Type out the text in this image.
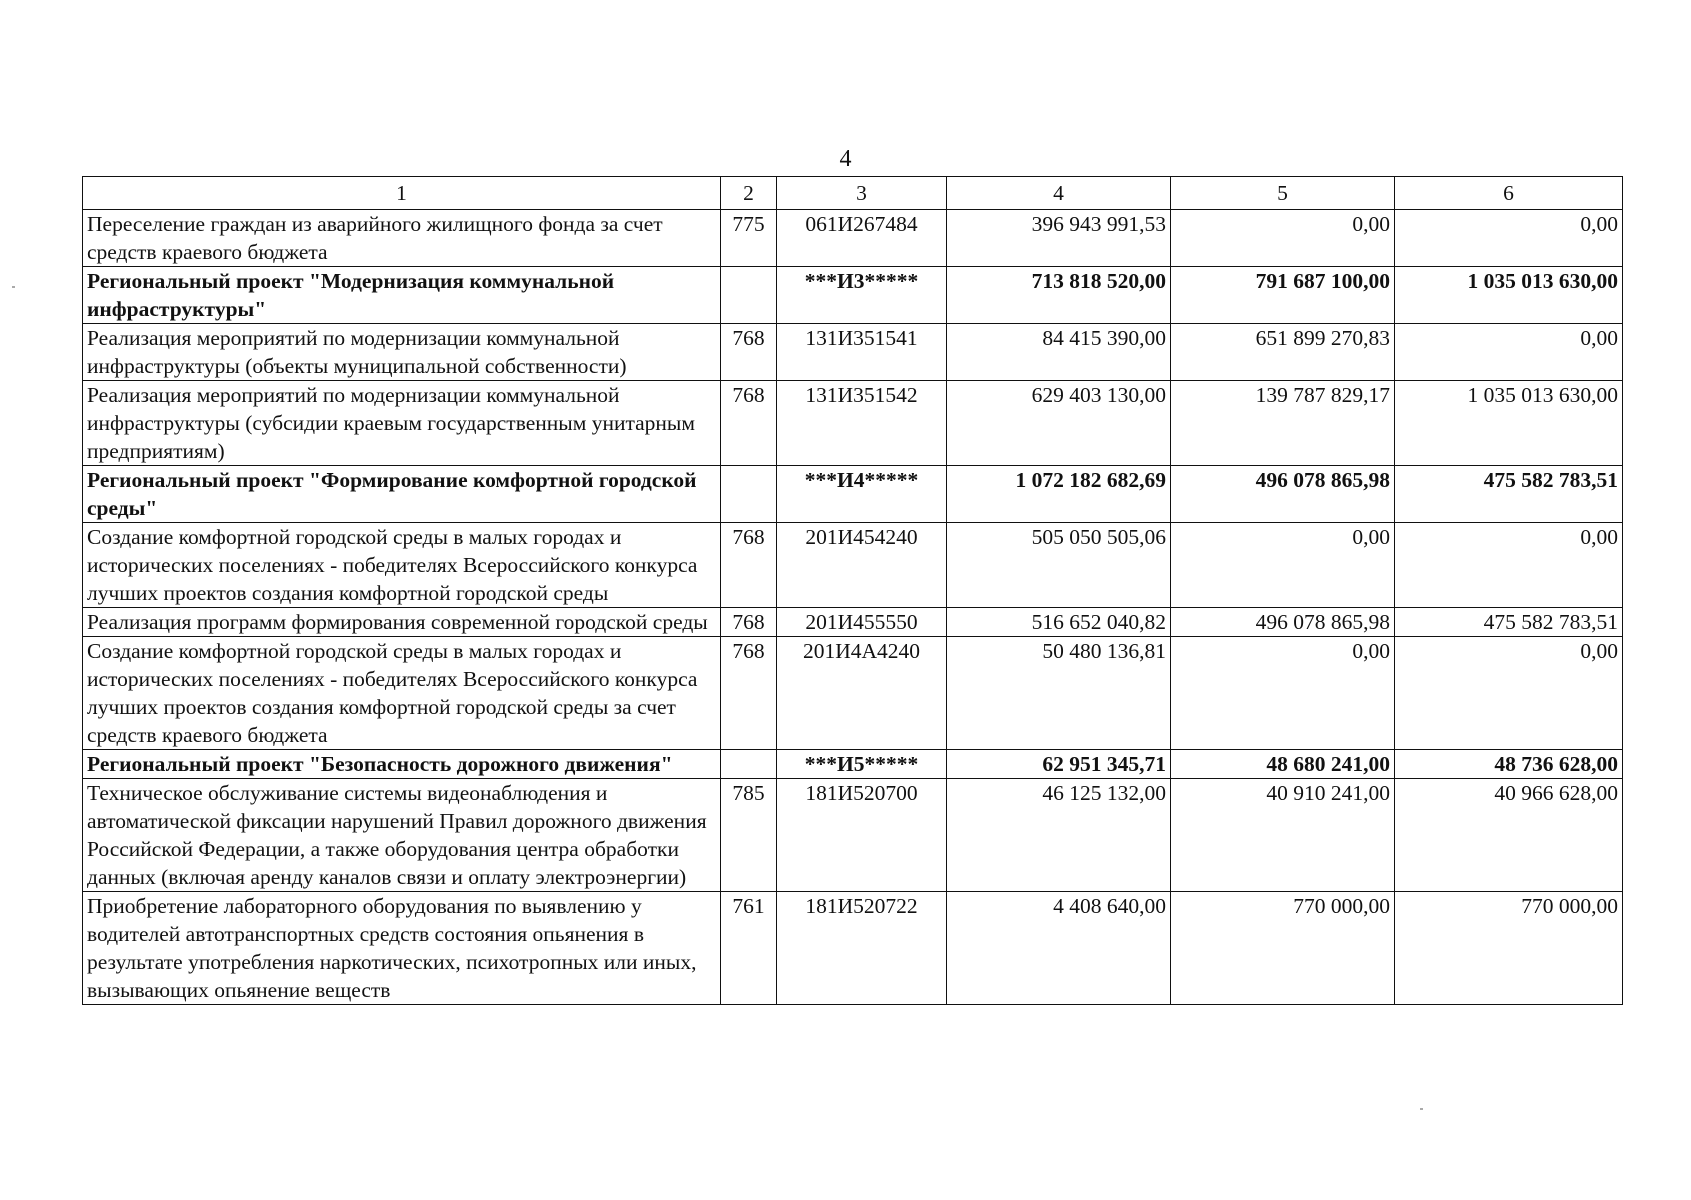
4
1	2	3	4	5	6
Переселение граждан из аварийного жилищного фонда за счет средств краевого бюджета	775	061И267484	396 943 991,53	0,00	0,00
Региональный проект "Модернизация коммунальной инфраструктуры"		***И3*****	713 818 520,00	791 687 100,00	1 035 013 630,00
Реализация мероприятий по модернизации коммунальной инфраструктуры (объекты муниципальной собственности)	768	131И351541	84 415 390,00	651 899 270,83	0,00
Реализация мероприятий по модернизации коммунальной инфраструктуры (субсидии краевым государственным унитарным предприятиям)	768	131И351542	629 403 130,00	139 787 829,17	1 035 013 630,00
Региональный проект "Формирование комфортной городской среды"		***И4*****	1 072 182 682,69	496 078 865,98	475 582 783,51
Создание комфортной городской среды в малых городах и исторических поселениях - победителях Всероссийского конкурса лучших проектов создания комфортной городской среды	768	201И454240	505 050 505,06	0,00	0,00
Реализация программ формирования современной городской среды	768	201И455550	516 652 040,82	496 078 865,98	475 582 783,51
Создание комфортной городской среды в малых городах и исторических поселениях - победителях Всероссийского конкурса лучших проектов создания комфортной городской среды за счет средств краевого бюджета	768	201И4А4240	50 480 136,81	0,00	0,00
Региональный проект "Безопасность дорожного движения"		***И5*****	62 951 345,71	48 680 241,00	48 736 628,00
Техническое обслуживание системы видеонаблюдения и автоматической фиксации нарушений Правил дорожного движения Российской Федерации, а также оборудования центра обработки данных (включая аренду каналов связи и оплату электроэнергии)	785	181И520700	46 125 132,00	40 910 241,00	40 966 628,00
Приобретение лабораторного оборудования по выявлению у водителей автотранспортных средств состояния опьянения в результате употребления наркотических, психотропных или иных, вызывающих опьянение веществ	761	181И520722	4 408 640,00	770 000,00	770 000,00
